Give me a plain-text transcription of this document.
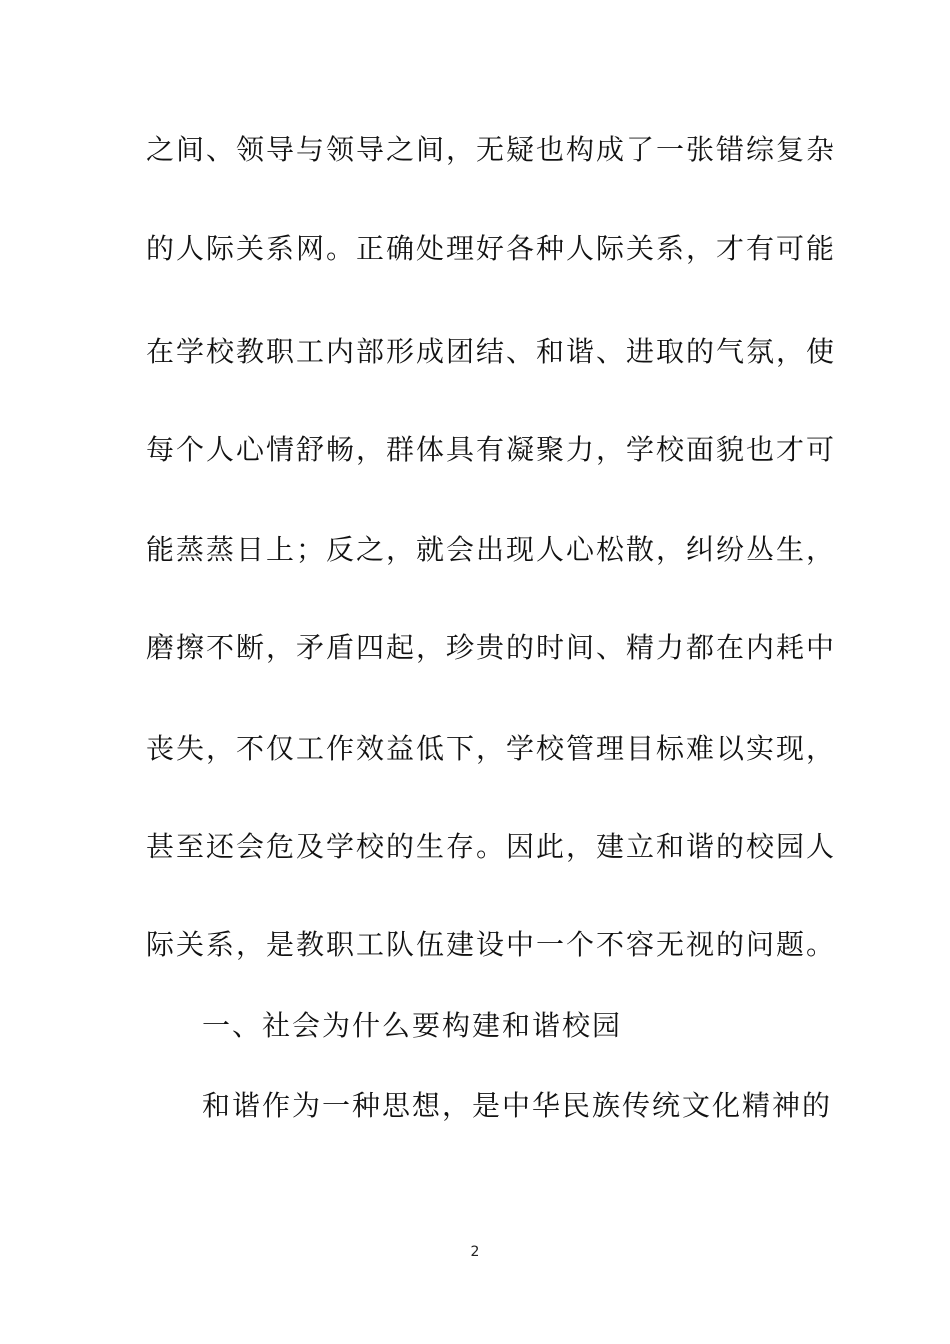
之间、领导与领导之间，无疑也构成了一张错综复杂
的人际关系网。正确处理好各种人际关系，才有可能
在学校教职工内部形成团结、和谐、进取的气氛，使
每个人心情舒畅，群体具有凝聚力，学校面貌也才可
能蒸蒸日上；反之，就会出现人心松散，纠纷丛生，
磨擦不断，矛盾四起，珍贵的时间、精力都在内耗中
丧失，不仅工作效益低下，学校管理目标难以实现，
甚至还会危及学校的生存。因此，建立和谐的校园人
际关系，是教职工队伍建设中一个不容无视的问题。
一、社会为什么要构建和谐校园
和谐作为一种思想，是中华民族传统文化精神的
2
